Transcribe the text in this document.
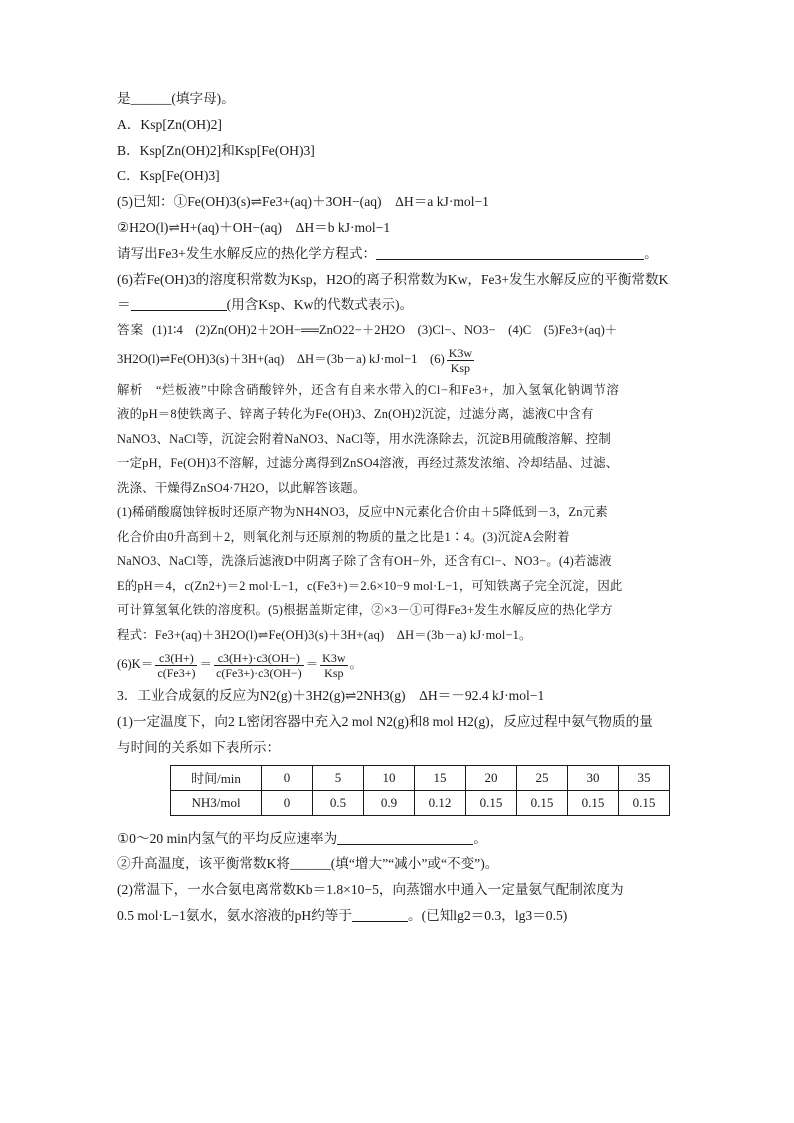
是______(填字母)。
A．Ksp[Zn(OH)2]
B．Ksp[Zn(OH)2]和Ksp[Fe(OH)3]
C．Ksp[Fe(OH)3]
(5)已知：①Fe(OH)3(s)⇌Fe3+(aq)＋3OH−(aq)　ΔH＝a kJ·mol−1
②H2O(l)⇌H+(aq)＋OH−(aq)　ΔH＝b kJ·mol−1
请写出Fe3+发生水解反应的热化学方程式：	。
(6)若Fe(OH)3的溶度积常数为Ksp，H2O的离子积常数为Kw，Fe3+发生水解反应的平衡常数K
＝	(用含Ksp、Kw的代数式表示)。
答案 (1)1∶4　(2)Zn(OH)2＋2OH−══ZnO22−＋2H2O　(3)Cl−、NO3−　(4)C　(5)Fe3+(aq)＋
3H2O(l)⇌Fe(OH)3(s)＋3H+(aq)　ΔH＝(3b－a) kJ·mol−1　$(6) \frac{K3w}{\text{Ksp}}$
解析　“烂板液”中除含硝酸锌外，还含有自来水带入的Cl−和Fe3+，加入氢氧化钠调节溶
液的pH＝8使铁离子、锌离子转化为Fe(OH)3、Zn(OH)2沉淀，过滤分离，滤液C中含有
NaNO3、NaCl等，沉淀会附着NaNO3、NaCl等，用水洗涤除去，沉淀B用硫酸溶解、控制
一定pH，Fe(OH)3不溶解，过滤分离得到ZnSO4溶液，再经过蒸发浓缩、冷却结晶、过滤、
洗涤、干燥得ZnSO4·7H2O，以此解答该题。
(1)稀硝酸腐蚀锌板时还原产物为NH4NO3，反应中N元素化合价由＋5降低到－3，Zn元素
化合价由0升高到＋2，则氧化剂与还原剂的物质的量之比是1∶4。(3)沉淀A会附着
NaNO3、NaCl等，洗涤后滤液D中阴离子除了含有OH−外，还含有Cl−、NO3−。(4)若滤液
E的pH＝4，c(Zn2+)＝2 mol·L−1，c(Fe3+)＝2.6×10−9 mol·L−1，可知铁离子完全沉淀，因此
可计算氢氧化铁的溶度积。(5)根据盖斯定律，②×3－①可得Fe3+发生水解反应的热化学方
程式：Fe3+(aq)＋3H2O(l)⇌Fe(OH)3(s)＋3H+(aq)　ΔH＝(3b－a) kJ·mol−1。
$(6)K= \frac{c3(H+)}{c(Fe3+)} = \frac{c3(H+)\cdot c3(OH-)}{c(Fe3+)\cdot c3(OH-)} = \frac{K3w}{\text{Ksp}}$ 。
3．工业合成氨的反应为N2(g)＋3H2(g)⇌2NH3(g)　ΔH＝－92.4 kJ·mol−1
(1)一定温度下，向2 L密闭容器中充入2 mol N2(g)和8 mol H2(g)，反应过程中氨气物质的量
与时间的关系如下表所示：
时间/min	0	5	10	15	20	25	30	35
NH3/mol	0	0.5	0.9	0.12	0.15	0.15	0.15	0.15
①0～20 min内氢气的平均反应速率为	。
②升高温度，该平衡常数K将______(填“增大”“减小”或“不变”)。
(2)常温下，一水合氨电离常数Kb＝1.8×10−5，向蒸馏水中通入一定量氨气配制浓度为
0.5 mol·L−1氨水，氨水溶液的pH约等于	。(已知lg2＝0.3，lg3＝0.5)
